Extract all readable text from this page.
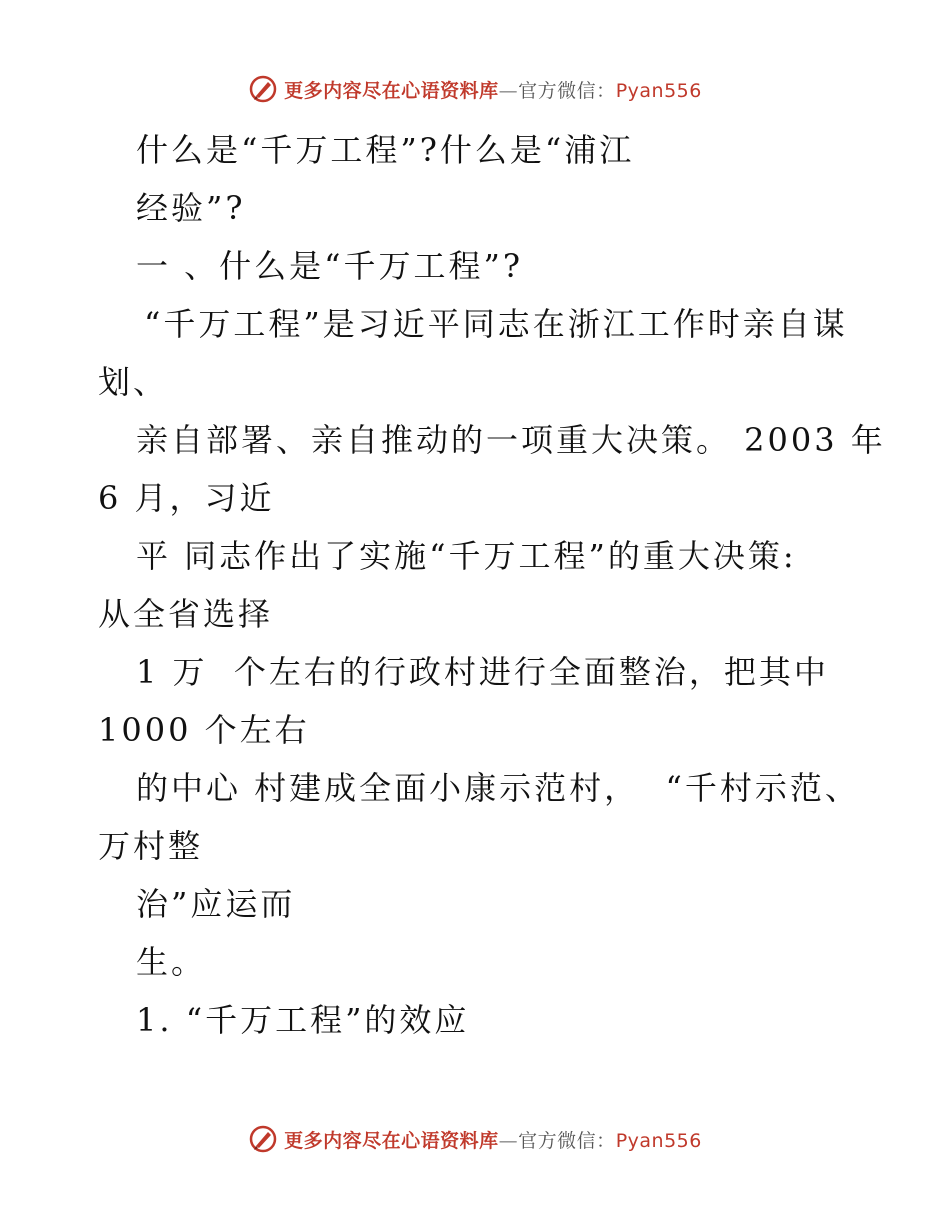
更多内容尽在心语资料库—官方微信：Pyan556
什么是“千万工程”?什么是“浦江
经验”?
一 、什么是“千万工程”?
“千万工程”是习近平同志在浙江工作时亲自谋
划、
亲自部署、亲自推动的一项重大决策。 2003 年
6 月，习近
平 同志作出了实施“千万工程”的重大决策:
从全省选择
1 万  个左右的行政村进行全面整治，把其中
1000 个左右
的中心 村建成全面小康示范村，  “千村示范、
万村整
治”应运而
生。
1. “千万工程”的效应
更多内容尽在心语资料库—官方微信：Pyan556
